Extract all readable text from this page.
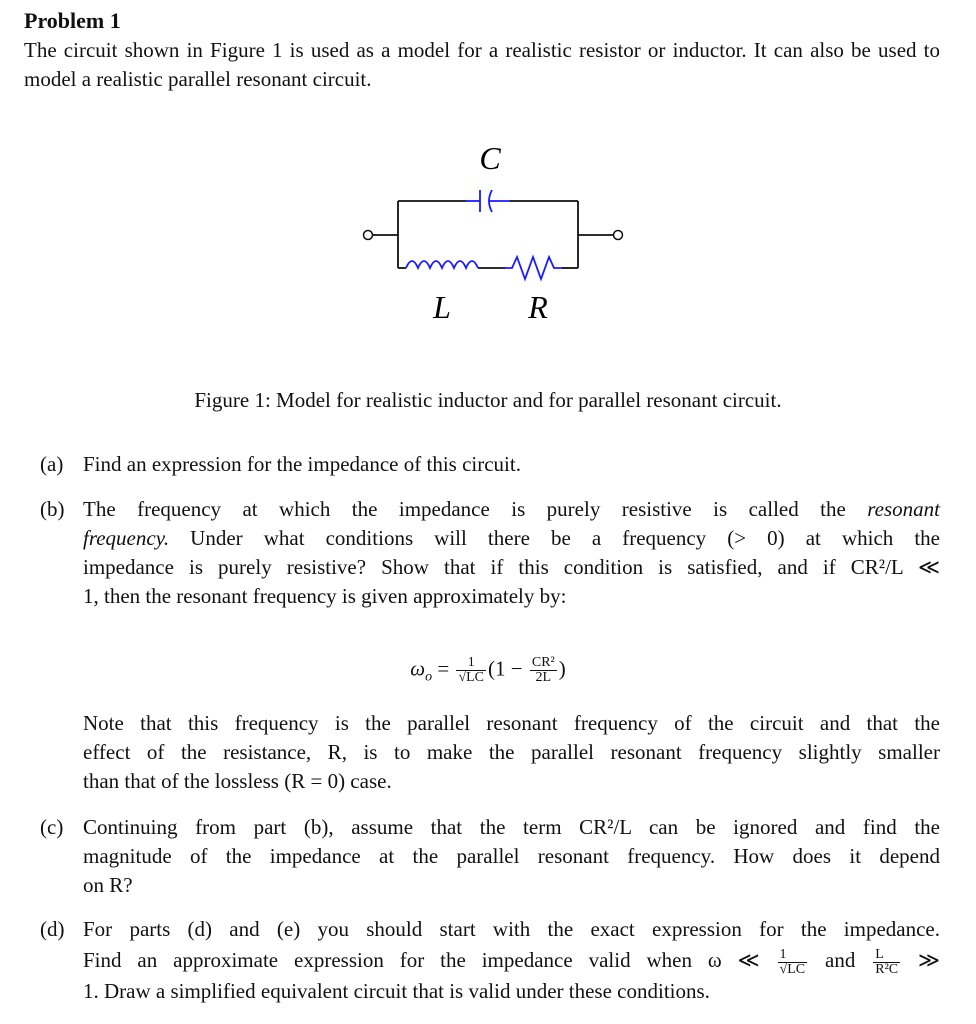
Problem 1
The circuit shown in Figure 1 is used as a model for a realistic resistor or inductor. It can also be used to model a realistic parallel resonant circuit.
C
L R
Figure 1: Model for realistic inductor and for parallel resonant circuit.
(a) Find an expression for the impedance of this circuit.
(b) The frequency at which the impedance is purely resistive is called the resonant
frequency. Under what conditions will there be a frequency (> 0) at which the
impedance is purely resistive? Show that if this condition is satisfied, and if CR²/L ≪
1, then the resonant frequency is given approximately by:
$\omega_o = \frac{1}{√LC} (1 - \frac{\text{CR²}}{2L}$ )
Note that this frequency is the parallel resonant frequency of the circuit and that the
effect of the resistance, R, is to make the parallel resonant frequency slightly smaller
than that of the lossless (R = 0) case.
(c) Continuing from part (b), assume that the term CR²/L can be ignored and find the
magnitude of the impedance at the parallel resonant frequency. How does it depend
on R?
(d) For parts (d) and (e) you should start with the exact expression for the impedance.
Find an approximate expression for the impedance valid when ω ≪ $\frac{1}{√LC}$ and $\frac{L}{\text{R²C}}$ ≫
1. Draw a simplified equivalent circuit that is valid under these conditions.
